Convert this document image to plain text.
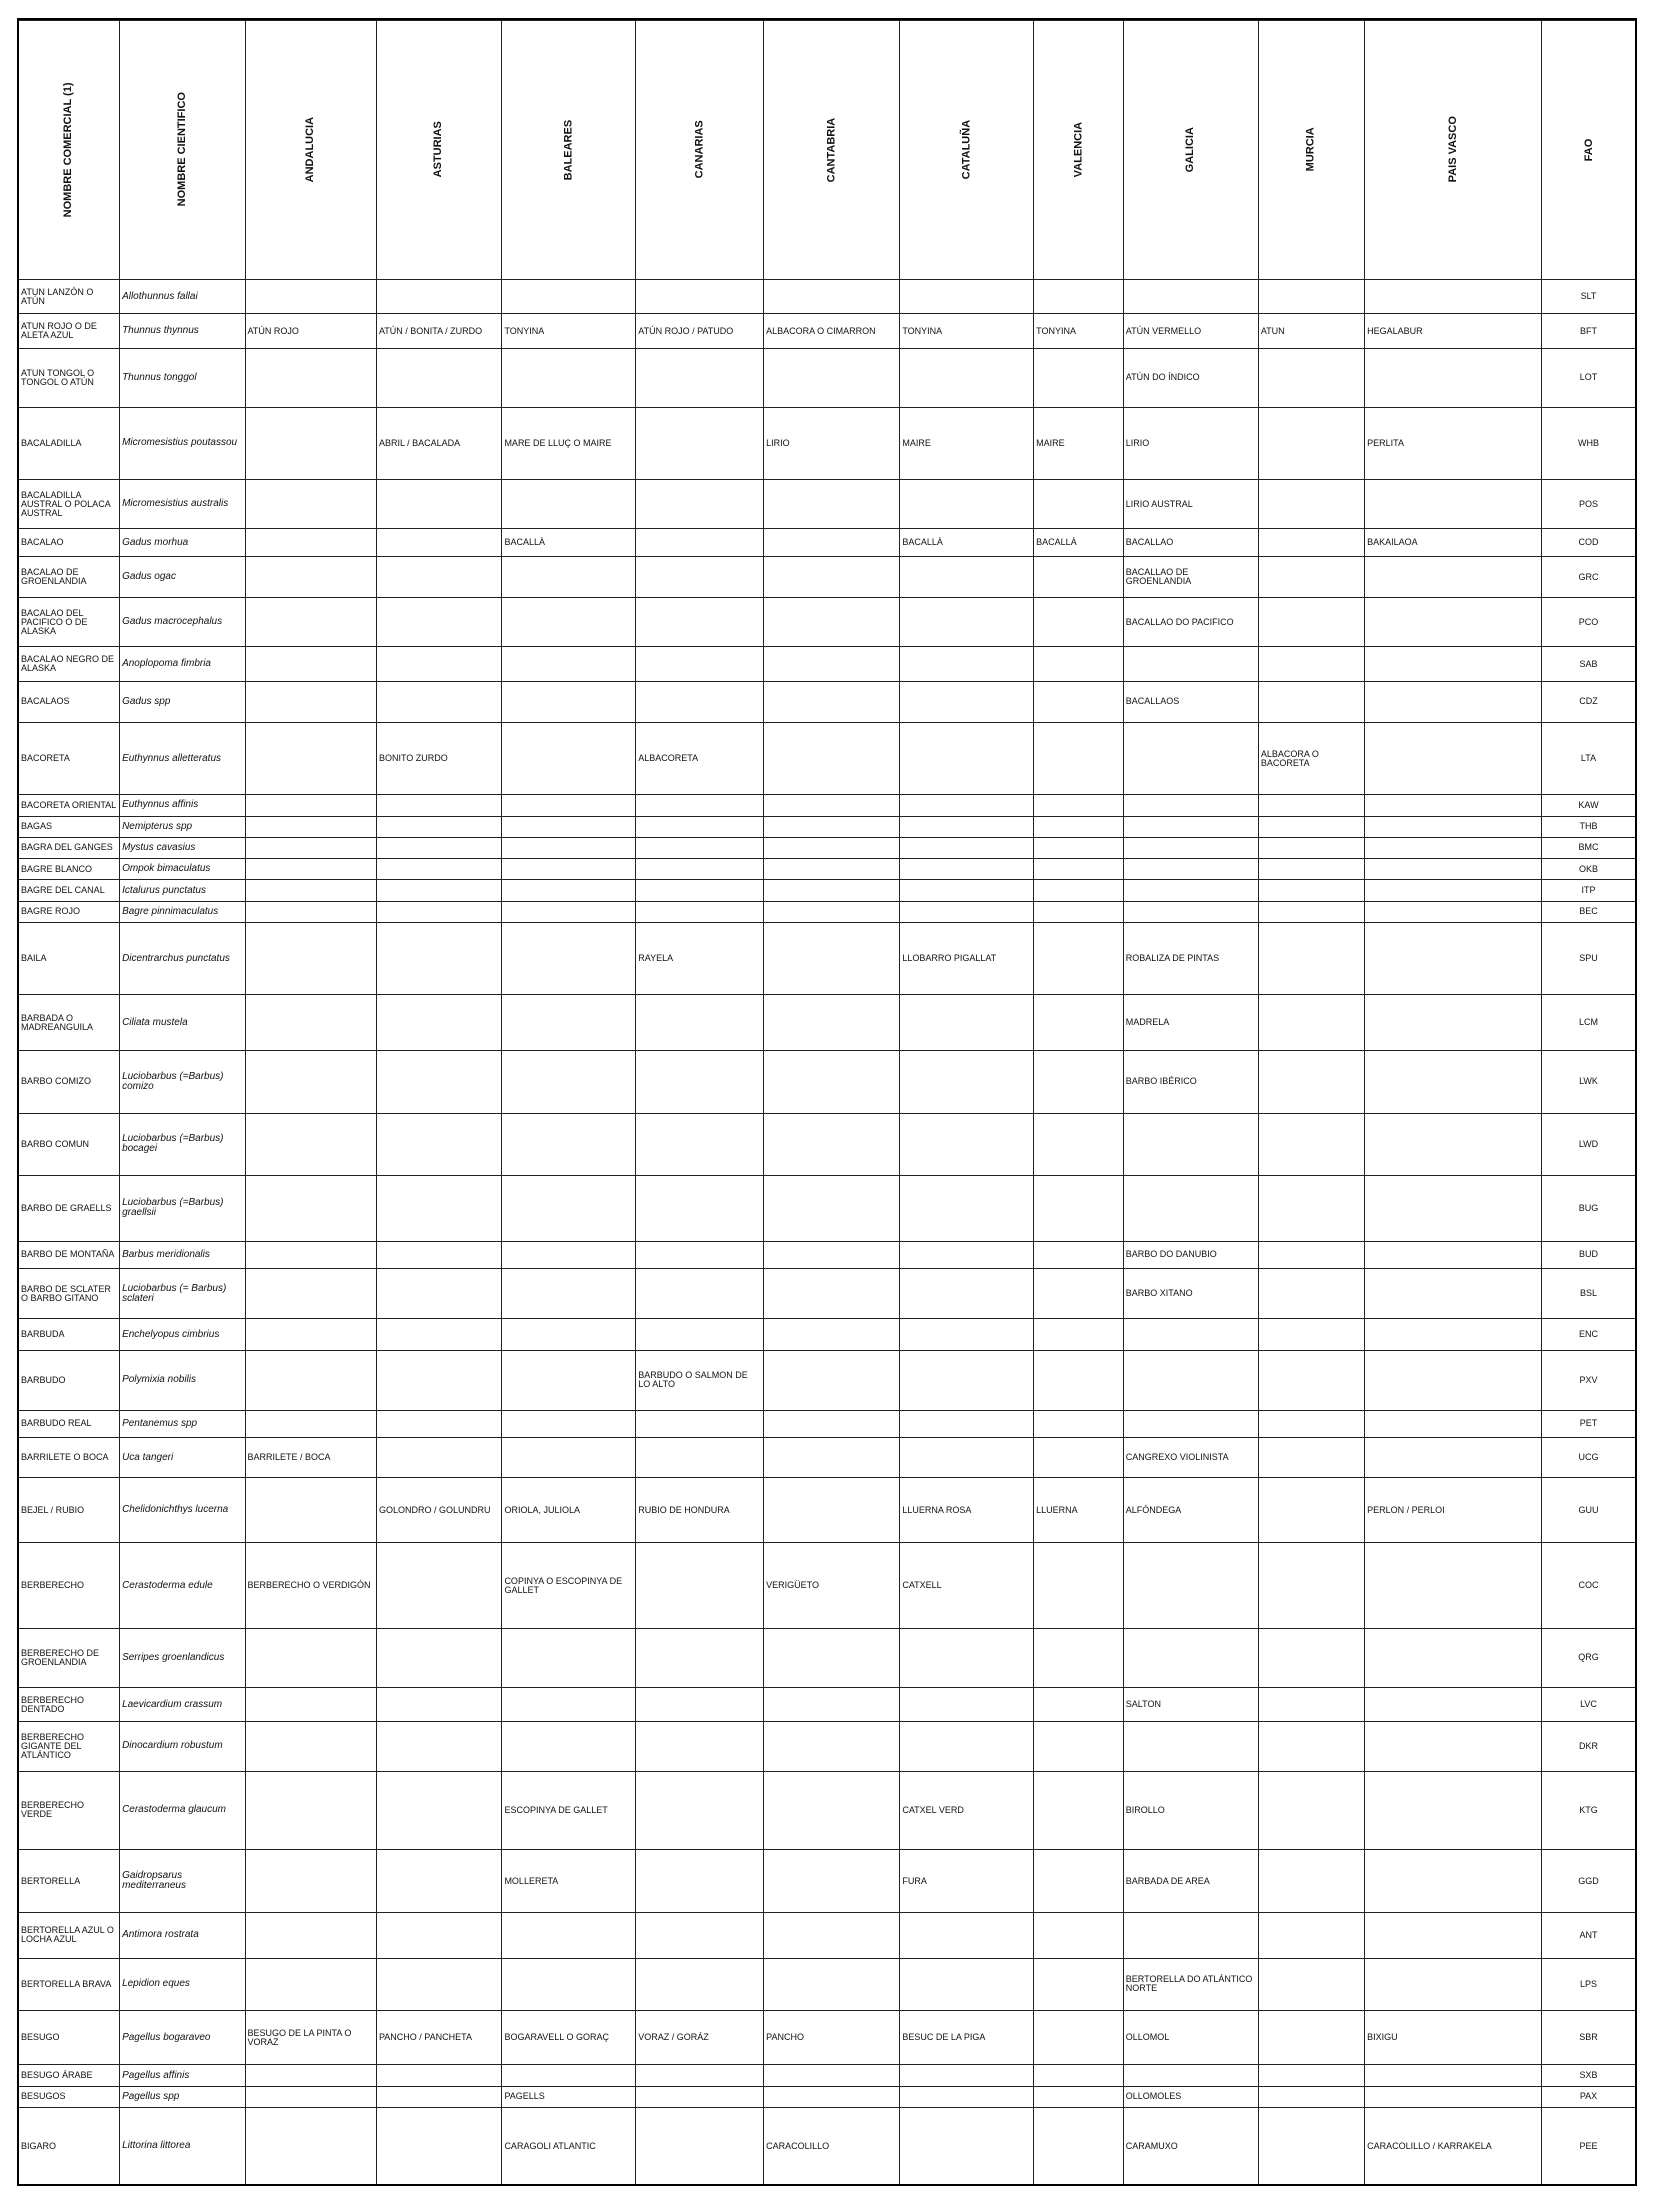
NOMBRE COMERCIAL (1)	NOMBRE CIENTIFICO	ANDALUCIA	ASTURIAS	BALEARES	CANARIAS	CANTABRIA	CATALUÑA	VALENCIA	GALICIA	MURCIA	PAIS VASCO	FAO
ATUN LANZÓN O ATÚN	Allothunnus fallai											SLT
ATUN ROJO O DE ALETA AZUL	Thunnus thynnus	ATÚN ROJO	ATÚN / BONITA / ZURDO	TONYINA	ATÚN ROJO / PATUDO	ALBACORA O CIMARRON	TONYINA	TONYINA	ATÚN VERMELLO	ATUN	HEGALABUR	BFT
ATUN TONGOL O TONGOL O ATÚN	Thunnus tonggol								ATÚN DO ÍNDICO			LOT
BACALADILLA	Micromesistius poutassou		ABRIL / BACALADA	MARE DE LLUÇ O MAIRE		LIRIO	MAIRE	MAIRE	LIRIO		PERLITA	WHB
BACALADILLA AUSTRAL O POLACA AUSTRAL	Micromesistius australis								LIRIO AUSTRAL			POS
BACALAO	Gadus morhua			BACALLÀ			BACALLÀ	BACALLÀ	BACALLAO		BAKAILAOA	COD
BACALAO DE GROENLANDIA	Gadus ogac								BACALLAO DE GROENLANDIA			GRC
BACALAO DEL PACIFICO O DE ALASKA	Gadus macrocephalus								BACALLAO DO PACIFICO			PCO
BACALAO NEGRO DE ALASKA	Anoplopoma fimbria											SAB
BACALAOS	Gadus spp								BACALLAOS			CDZ
BACORETA	Euthynnus alletteratus		BONITO ZURDO		ALBACORETA					ALBACORA O BACORETA		LTA
BACORETA ORIENTAL	Euthynnus affinis											KAW
BAGAS	Nemipterus spp											THB
BAGRA DEL GANGES	Mystus cavasius											BMC
BAGRE BLANCO	Ompok bimaculatus											OKB
BAGRE DEL CANAL	Ictalurus punctatus											ITP
BAGRE ROJO	Bagre pinnimaculatus											BEC
BAILA	Dicentrarchus punctatus				RAYELA		LLOBARRO PIGALLAT		ROBALIZA DE PINTAS			SPU
BARBADA O MADREANGUILA	Ciliata mustela								MADRELA			LCM
BARBO COMIZO	Luciobarbus (=Barbus) comizo								BARBO IBÉRICO			LWK
BARBO COMUN	Luciobarbus (=Barbus) bocagei											LWD
BARBO DE GRAELLS	Luciobarbus (=Barbus) graellsii											BUG
BARBO DE MONTAÑA	Barbus meridionalis								BARBO DO DANUBIO			BUD
BARBO DE SCLATER O BARBO GITANO	Luciobarbus (= Barbus) sclateri								BARBO XITANO			BSL
BARBUDA	Enchelyopus cimbrius											ENC
BARBUDO	Polymixia nobilis				BARBUDO O SALMON DE LO ALTO							PXV
BARBUDO REAL	Pentanemus spp											PET
BARRILETE O BOCA	Uca tangeri	BARRILETE / BOCA							CANGREXO VIOLINISTA			UCG
BEJEL / RUBIO	Chelidonichthys lucerna		GOLONDRO / GOLUNDRU	ORIOLA, JULIOLA	RUBIO DE HONDURA		LLUERNA ROSA	LLUERNA	ALFÓNDEGA		PERLON / PERLOI	GUU
BERBERECHO	Cerastoderma edule	BERBERECHO O VERDIGÓN		COPINYA O ESCOPINYA DE GALLET		VERIGÜETO	CATXELL					COC
BERBERECHO DE GROENLANDIA	Serripes groenlandicus											QRG
BERBERECHO DENTADO	Laevicardium crassum								SALTON			LVC
BERBERECHO GIGANTE DEL ATLÁNTICO	Dinocardium robustum											DKR
BERBERECHO VERDE	Cerastoderma glaucum			ESCOPINYA DE GALLET			CATXEL VERD		BIROLLO			KTG
BERTORELLA	Gaidropsarus mediterraneus			MOLLERETA			FURA		BARBADA DE AREA			GGD
BERTORELLA AZUL O LOCHA AZUL	Antimora rostrata											ANT
BERTORELLA BRAVA	Lepidion eques								BERTORELLA DO ATLÁNTICO NORTE			LPS
BESUGO	Pagellus bogaraveo	BESUGO DE LA PINTA O VORAZ	PANCHO / PANCHETA	BOGARAVELL O GORAÇ	VORAZ / GORÁZ	PANCHO	BESUC DE LA PIGA		OLLOMOL		BIXIGU	SBR
BESUGO ÁRABE	Pagellus affinis											SXB
BESUGOS	Pagellus spp			PAGELLS					OLLOMOLES			PAX
BIGARO	Littorina littorea			CARAGOLI ATLANTIC		CARACOLILLO			CARAMUXO		CARACOLILLO / KARRAKELA	PEE
